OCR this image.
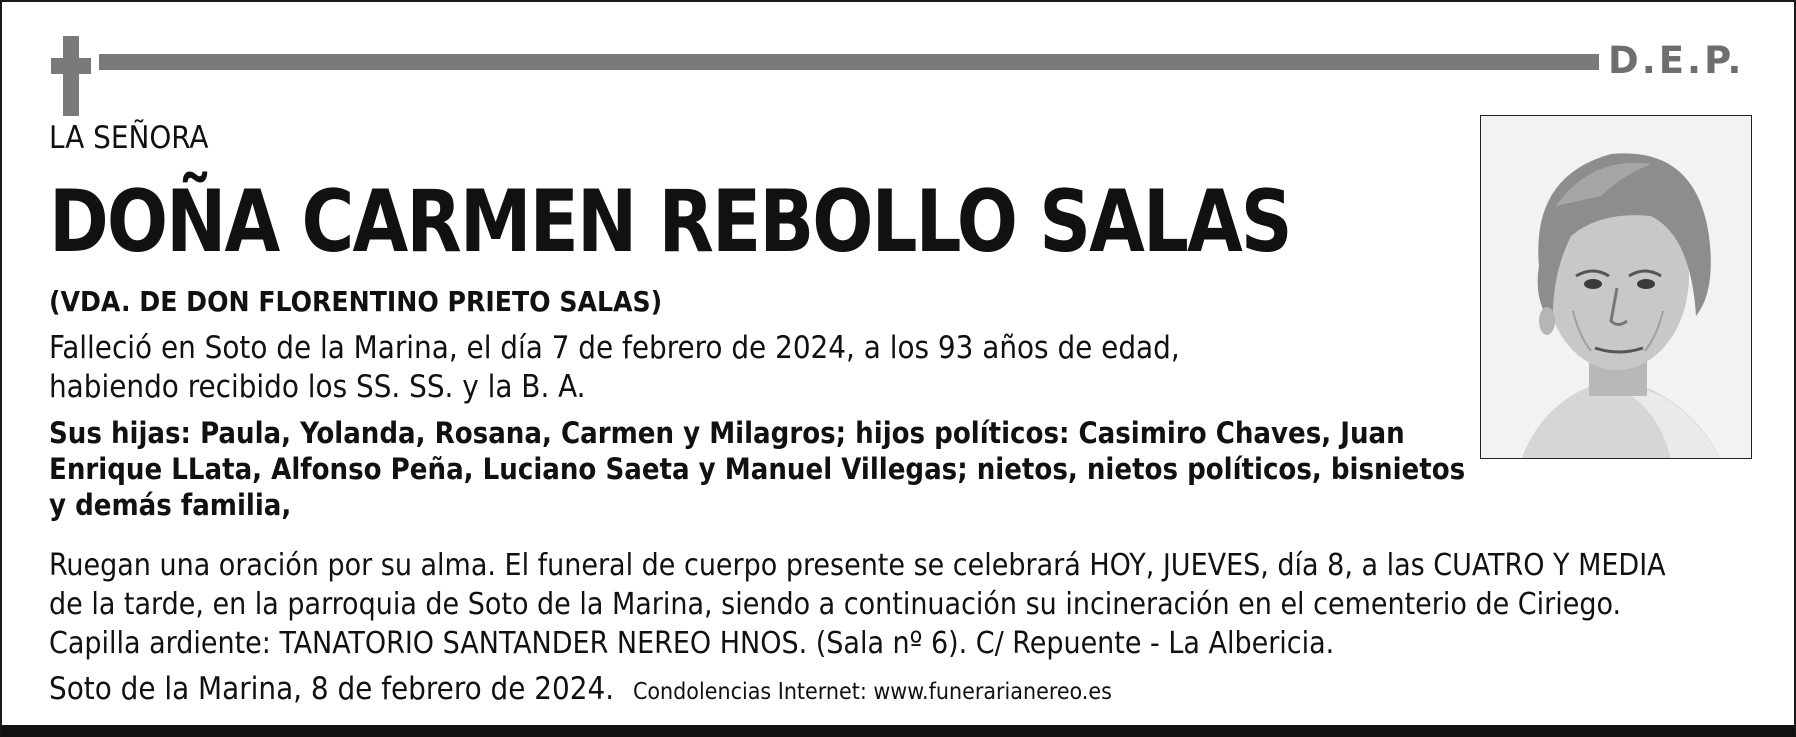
D.E.P.
LA SEÑORA
DOÑA CARMEN REBOLLO SALAS
(VDA. DE DON FLORENTINO PRIETO SALAS)
Falleció en Soto de la Marina, el día 7 de febrero de 2024, a los 93 años de edad,
habiendo recibido los SS. SS. y la B. A.
Sus hijas: Paula, Yolanda, Rosana, Carmen y Milagros; hijos políticos: Casimiro Chaves, Juan
Enrique LLata, Alfonso Peña, Luciano Saeta y Manuel Villegas; nietos, nietos políticos, bisnietos
y demás familia,
Ruegan una oración por su alma. El funeral de cuerpo presente se celebrará HOY, JUEVES, día 8, a las CUATRO Y MEDIA
de la tarde, en la parroquia de Soto de la Marina, siendo a continuación su incineración en el cementerio de Ciriego.
Capilla ardiente: TANATORIO SANTANDER NEREO HNOS. (Sala nº 6). C/ Repuente - La Albericia.
Soto de la Marina, 8 de febrero de 2024. Condolencias Internet: www.funerarianereo.es
